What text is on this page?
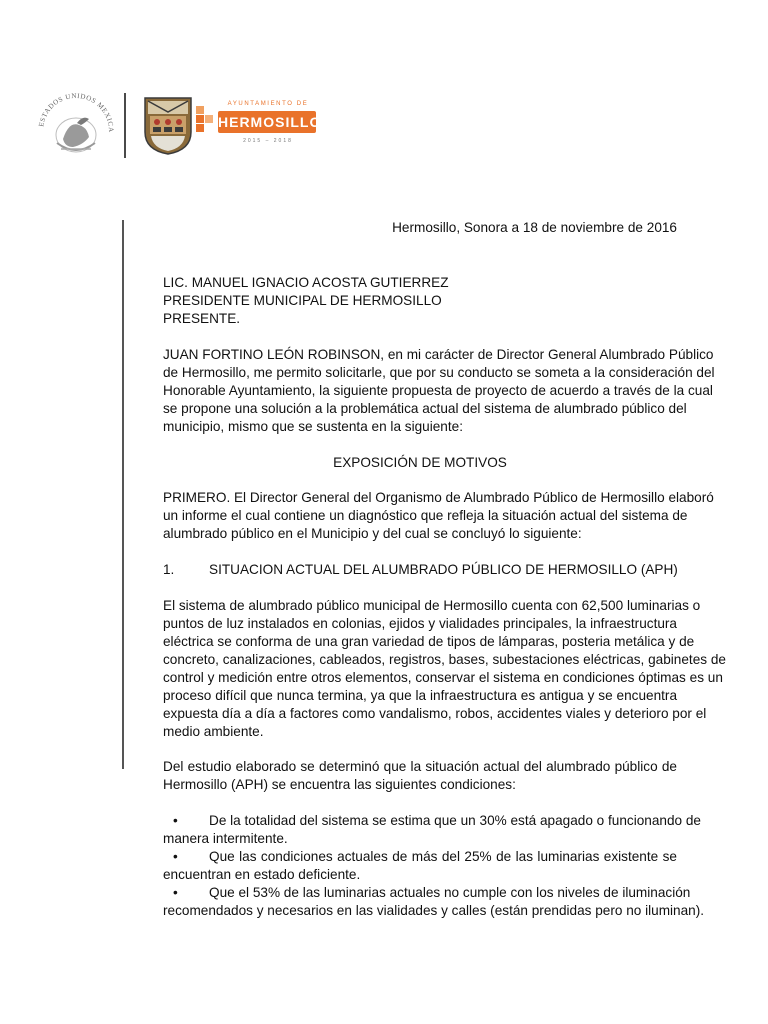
ESTADOS UNIDOS MEXICA
AYUNTAMIENTO DE
HERMOSILLO
2015 – 2018
Hermosillo, Sonora a 18 de noviembre de 2016
LIC. MANUEL IGNACIO ACOSTA GUTIERREZ
PRESIDENTE MUNICIPAL DE HERMOSILLO
PRESENTE.
JUAN FORTINO LEÓN ROBINSON, en mi carácter de Director General Alumbrado Público
de Hermosillo, me permito solicitarle, que por su conducto se someta a la consideración del
Honorable Ayuntamiento, la siguiente propuesta de proyecto de acuerdo a través de la cual
se propone una solución a la problemática actual del sistema de alumbrado público del
municipio, mismo que se sustenta en la siguiente:
EXPOSICIÓN DE MOTIVOS
PRIMERO. El Director General del Organismo de Alumbrado Público de Hermosillo elaboró
un informe el cual contiene un diagnóstico que refleja la situación actual del sistema de
alumbrado público en el Municipio y del cual se concluyó lo siguiente:
1.	SITUACION ACTUAL DEL ALUMBRADO PÚBLICO DE HERMOSILLO (APH)
El sistema de alumbrado público municipal de Hermosillo cuenta con 62,500 luminarias o
puntos de luz instalados en colonias, ejidos y vialidades principales, la infraestructura
eléctrica se conforma de una gran variedad de tipos de lámparas, posteria metálica y de
concreto, canalizaciones, cableados, registros, bases, subestaciones eléctricas, gabinetes de
control y medición entre otros elementos, conservar el sistema en condiciones óptimas es un
proceso difícil que nunca termina, ya que la infraestructura es antigua y se encuentra
expuesta día a día a factores como vandalismo, robos, accidentes viales y deterioro por el
medio ambiente.
Del estudio elaborado se determinó que la situación actual del alumbrado público de
Hermosillo (APH) se encuentra las siguientes condiciones:
• De la totalidad del sistema se estima que un 30% está apagado o funcionando de
manera intermitente.
• Que las condiciones actuales de más del 25% de las luminarias existente se
encuentran en estado deficiente.
• Que el 53% de las luminarias actuales no cumple con los niveles de iluminación
recomendados y necesarios en las vialidades y calles (están prendidas pero no iluminan).
